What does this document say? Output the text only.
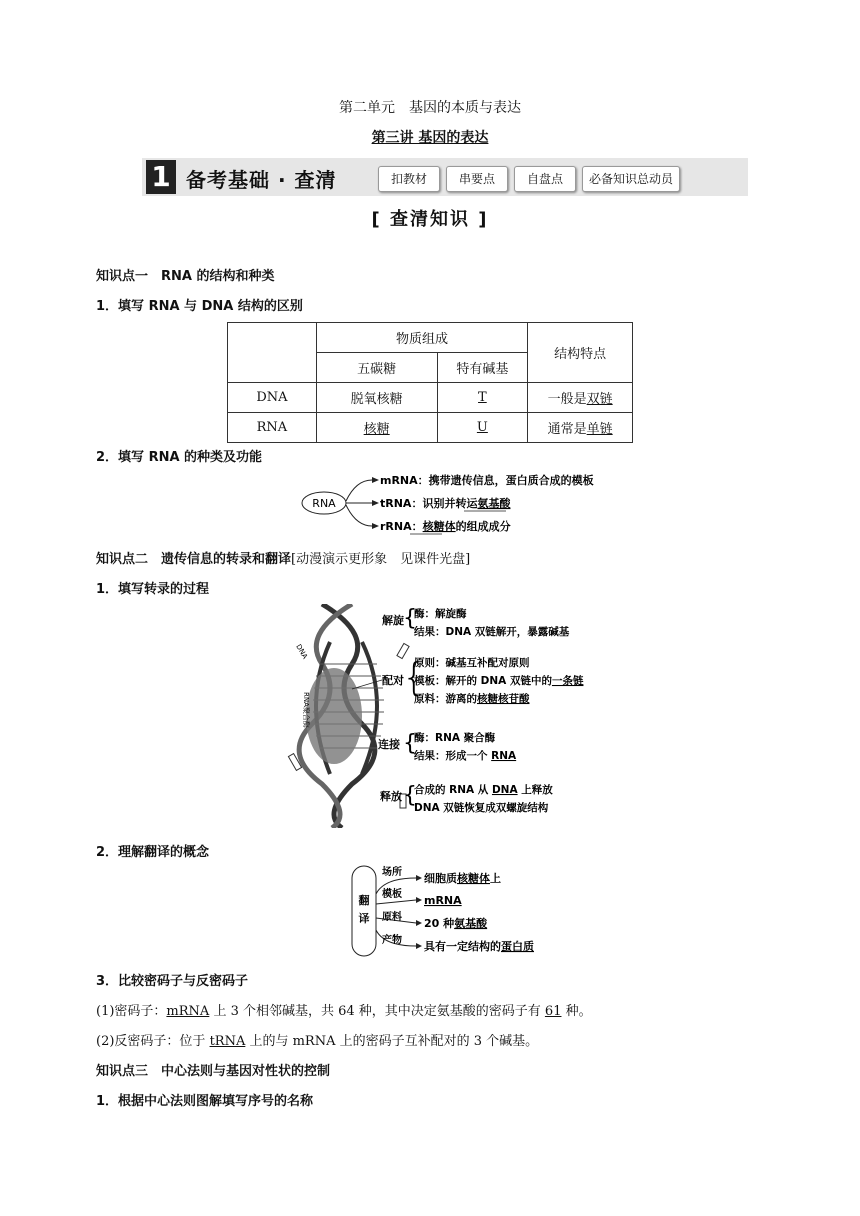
第二单元　基因的本质与表达
第三讲 基因的表达
1 备考基础 · 查清	扣教材	串要点	自盘点	必备知识总动员
[ 查清知识 ]
知识点一　RNA 的结构和种类
1．填写 RNA 与 DNA 结构的区别
	物质组成		结构特点
	五碳糖	特有碱基	
DNA	脱氧核糖	T	一般是双链
RNA	核糖	U	通常是单链
2．填写 RNA 的种类及功能
RNA
mRNA：携带遗传信息，蛋白质合成的模板
tRNA：识别并转运氨基酸
rRNA：核糖体的组成成分
知识点二　遗传信息的转录和翻译[动漫演示更形象　见课件光盘]
1．填写转录的过程
RNA聚合酶
DNA
解旋 {
酶：解旋酶
结果：DNA 双链解开，暴露碱基
配对
{
原则：碱基互补配对原则
模板：解开的 DNA 双链中的一条链
原料：游离的核糖核苷酸
连接 {
酶：RNA 聚合酶
结果：形成一个 RNA
释放 {
合成的 RNA 从 DNA 上释放
DNA 双链恢复成双螺旋结构
2．理解翻译的概念
翻
译
场所
模板
原料
产物
细胞质核糖体上
mRNA
20 种氨基酸
具有一定结构的蛋白质
3．比较密码子与反密码子
(1)密码子：mRNA 上 3 个相邻碱基，共 64 种，其中决定氨基酸的密码子有 61 种。
(2)反密码子：位于 tRNA 上的与 mRNA 上的密码子互补配对的 3 个碱基。
知识点三　中心法则与基因对性状的控制
1．根据中心法则图解填写序号的名称
